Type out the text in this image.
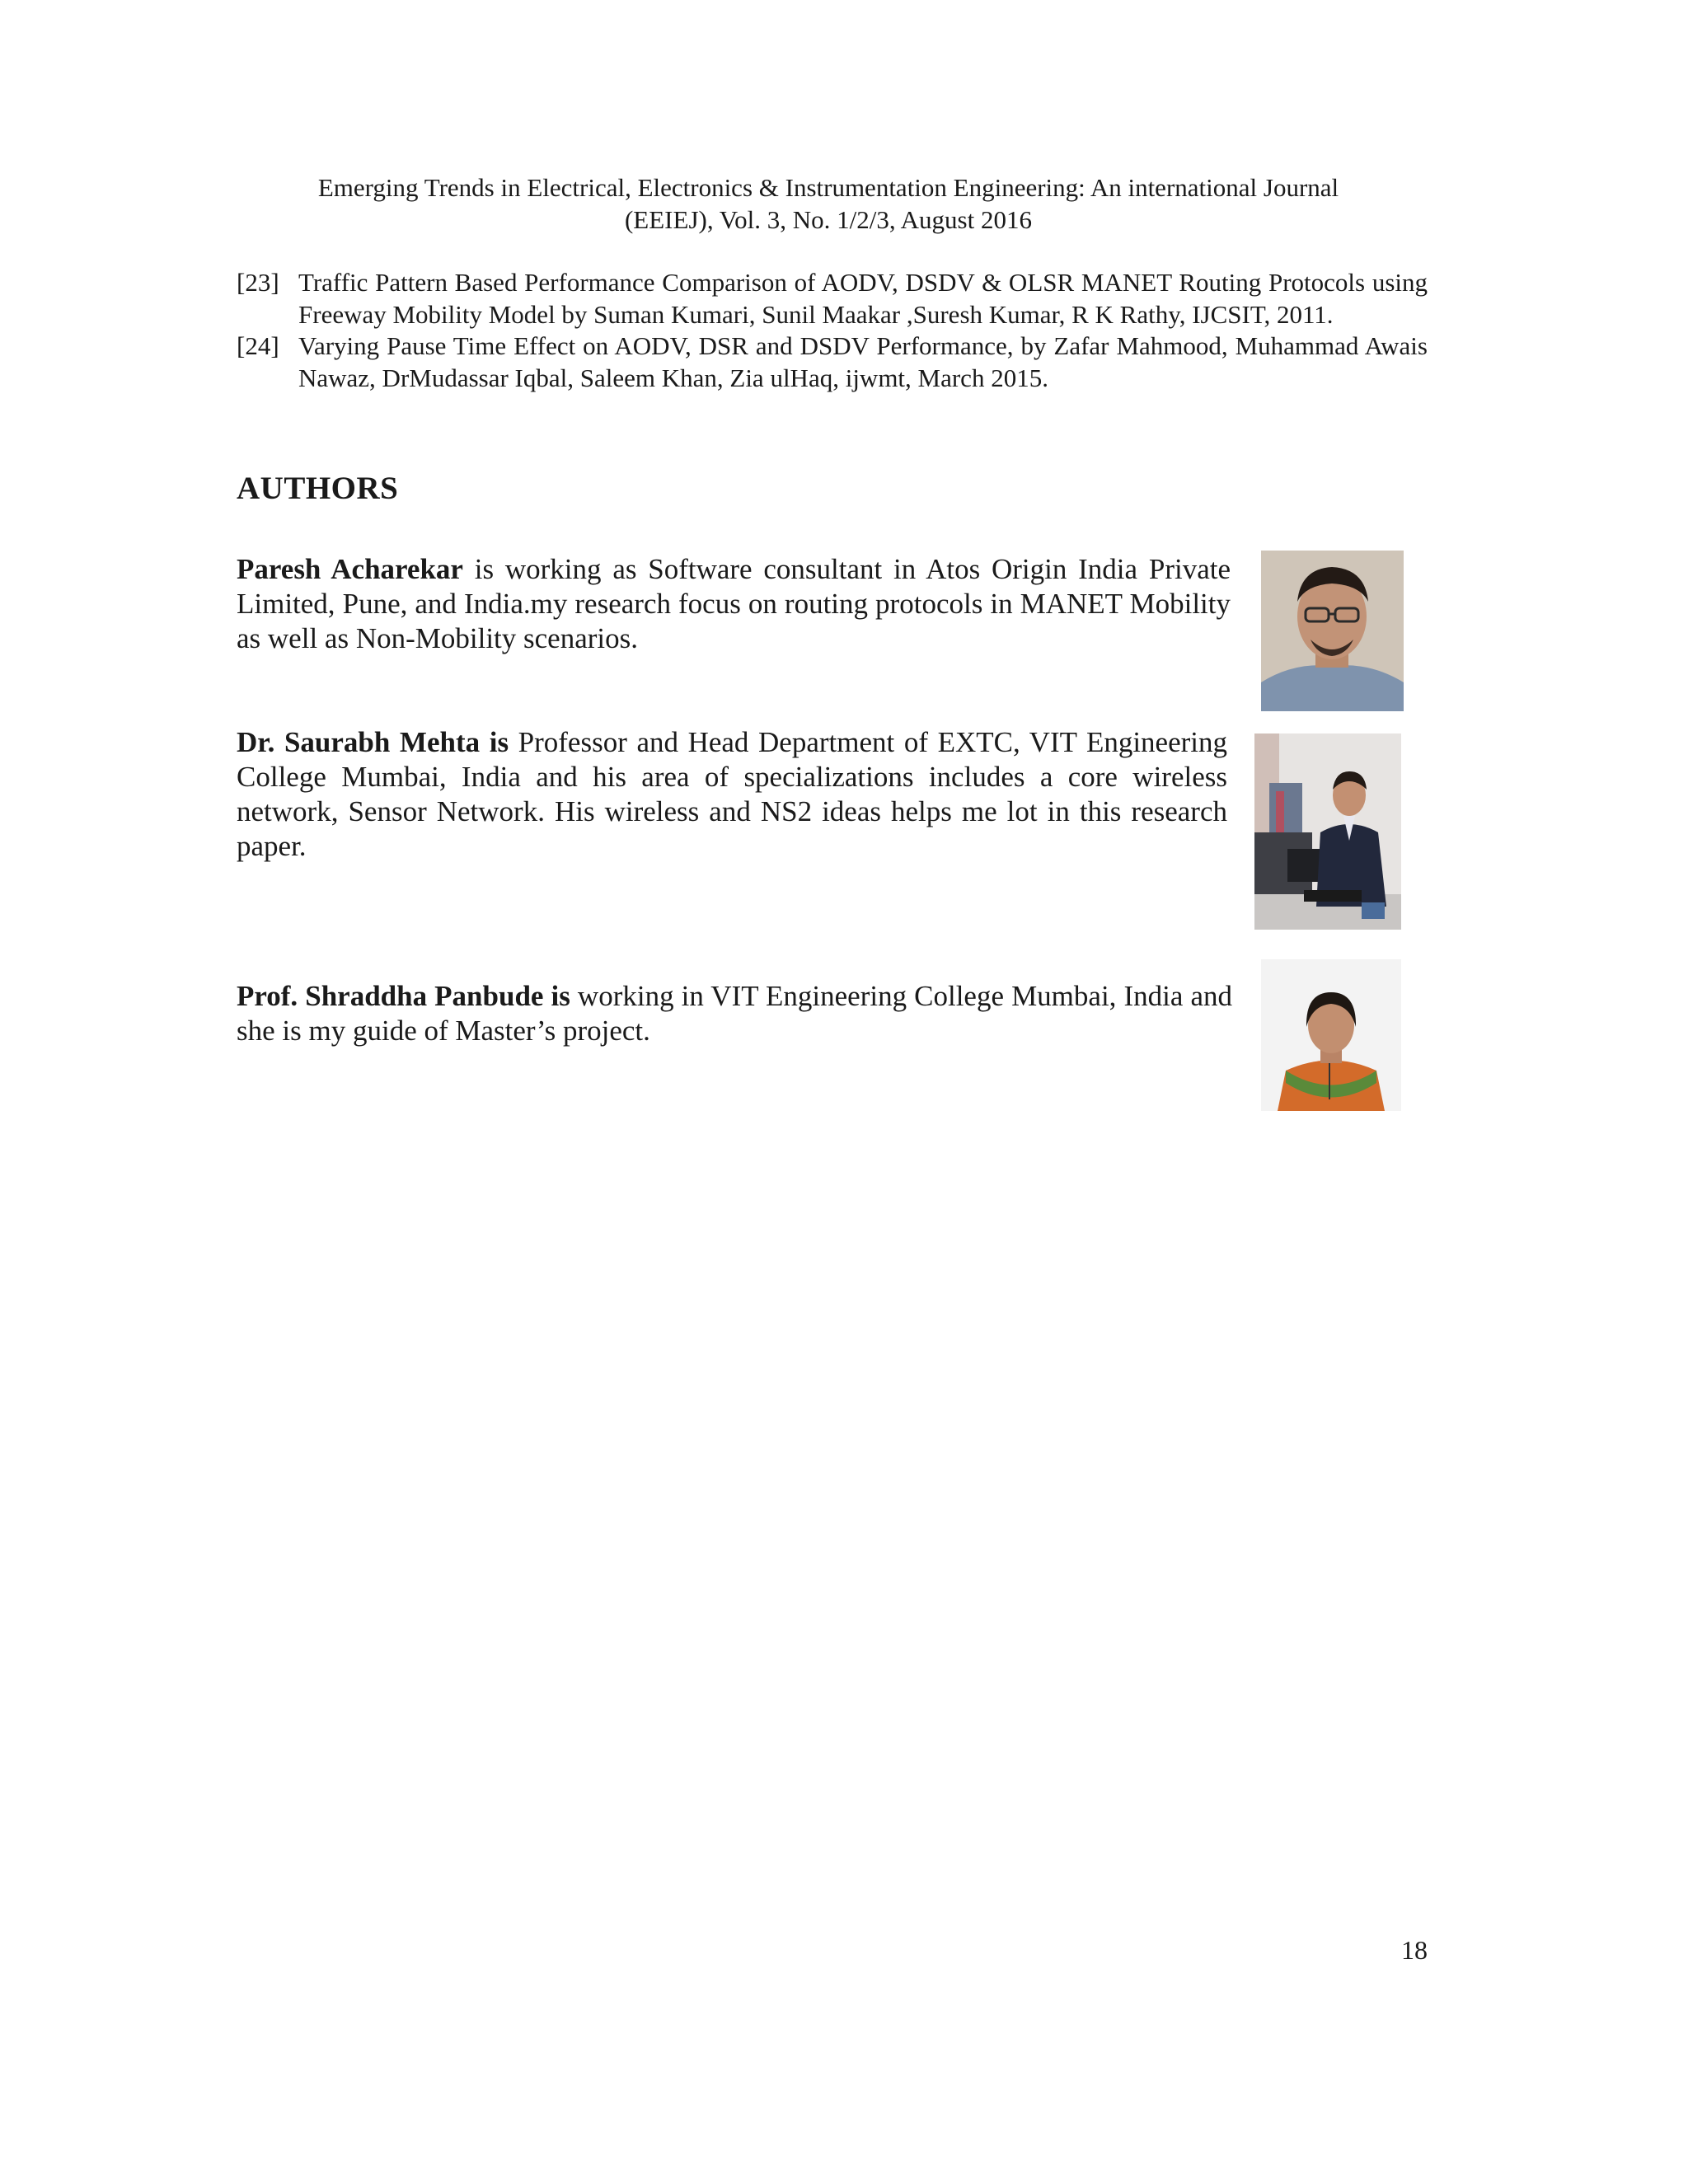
Emerging Trends in Electrical, Electronics & Instrumentation Engineering: An international Journal
(EEIEJ), Vol. 3, No. 1/2/3, August 2016
[23] Traffic Pattern Based Performance Comparison of AODV, DSDV & OLSR MANET Routing Protocols using Freeway Mobility Model by Suman Kumari, Sunil Maakar ,Suresh Kumar, R K Rathy, IJCSIT, 2011.
[24] Varying Pause Time Effect on AODV, DSR and DSDV Performance, by Zafar Mahmood, Muhammad Awais Nawaz, DrMudassar Iqbal, Saleem Khan, Zia ulHaq, ijwmt, March 2015.
AUTHORS
Paresh Acharekar is working as Software consultant in Atos Origin India Private Limited, Pune, and India.my research focus on routing protocols in MANET Mobility as well as Non-Mobility scenarios.
Dr. Saurabh Mehta is Professor and Head Department of EXTC, VIT Engineering College Mumbai, India and his area of specializations includes a core wireless network, Sensor Network. His wireless and NS2 ideas helps me lot in this research paper.
Prof. Shraddha Panbude is working in VIT Engineering College Mumbai, India and she is my guide of Master’s project.
18
